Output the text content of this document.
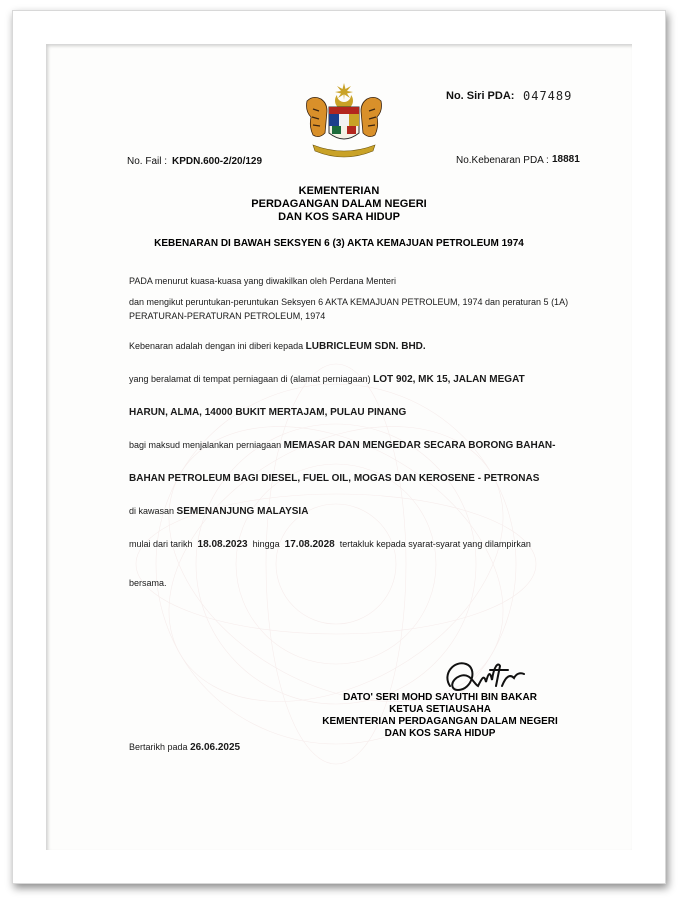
No. Siri PDA: 047489
No. Fail : KPDN.600-2/20/129	No.Kebenaran PDA : 18881
KEMENTERIAN
PERDAGANGAN DALAM NEGERI
DAN KOS SARA HIDUP
KEBENARAN DI BAWAH SEKSYEN 6 (3) AKTA KEMAJUAN PETROLEUM 1974
PADA menurut kuasa-kuasa yang diwakilkan oleh Perdana Menteri
dan mengikut peruntukan-peruntukan Seksyen 6 AKTA KEMAJUAN PETROLEUM, 1974 dan peraturan 5 (1A)
PERATURAN-PERATURAN PETROLEUM, 1974
Kebenaran adalah dengan ini diberi kepada LUBRICLEUM SDN. BHD.
yang beralamat di tempat perniagaan di (alamat perniagaan) LOT 902, MK 15, JALAN MEGAT
HARUN, ALMA, 14000 BUKIT MERTAJAM, PULAU PINANG
bagi maksud menjalankan perniagaan MEMASAR DAN MENGEDAR SECARA BORONG BAHAN-
BAHAN PETROLEUM BAGI DIESEL, FUEL OIL, MOGAS DAN KEROSENE - PETRONAS
di kawasan SEMENANJUNG MALAYSIA
mulai dari tarikh 18.08.2023 hingga 17.08.2028 tertakluk kepada syarat-syarat yang dilampirkan
bersama.
DATO' SERI MOHD SAYUTHI BIN BAKAR
KETUA SETIAUSAHA
KEMENTERIAN PERDAGANGAN DALAM NEGERI
DAN KOS SARA HIDUP
Bertarikh pada 26.06.2025
